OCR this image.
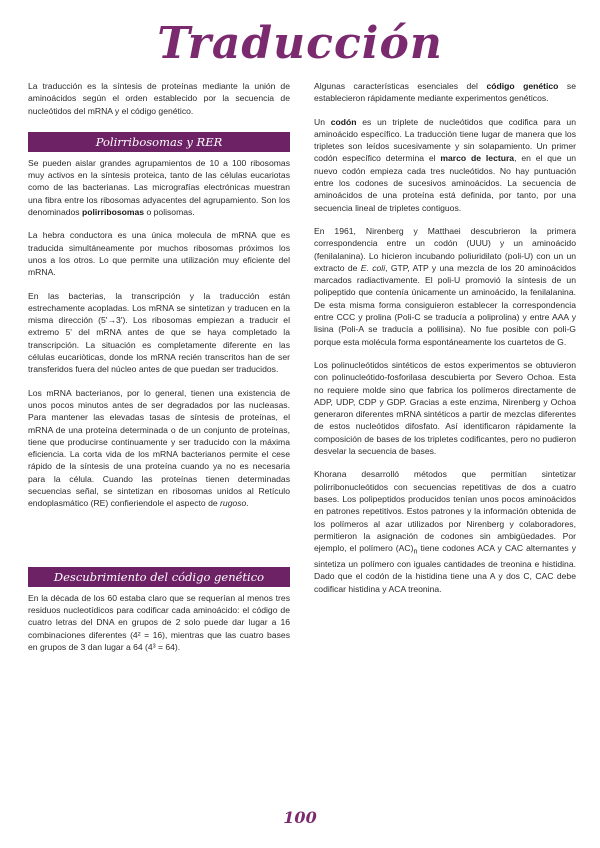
Traducción

La traducción es la síntesis de proteínas mediante la unión de aminoácidos según el orden establecido por la secuencia de nucleótidos del mRNA y el código genético.

Polirribosomas y RER

Se pueden aislar grandes agrupamientos de 10 a 100 ribosomas muy activos en la síntesis proteica, tanto de las células eucariotas como de las bacterianas. Las micrografías electrónicas muestran una fibra entre los ribosomas adyacentes del agrupamiento. Son los denominados polirribosomas o polisomas.

La hebra conductora es una única molecula de mRNA que es traducida simultáneamente por muchos ribosomas próximos los unos a los otros. Lo que permite una utilización muy eficiente del mRNA.

En las bacterias, la transcripción y la traducción están estrechamente acopladas. Los mRNA se sintetizan y traducen en la misma dirección (5'→3'). Los ribosomas empiezan a traducir el extremo 5' del mRNA antes de que se haya completado la transcripción. La situación es completamente diferente en las células eucariòticas, donde los mRNA recién transcritos han de ser transferidos fuera del núcleo antes de que puedan ser traducidos.

Los mRNA bacterianos, por lo general, tienen una existencia de unos pocos minutos antes de ser degradados por las nucleasas. Para mantener las elevadas tasas de síntesis de proteínas, el mRNA de una proteína determinada o de un conjunto de proteínas, tiene que producirse continuamente y ser traducido con la máxima eficiencia. La corta vida de los mRNA bacterianos permite el cese rápido de la síntesis de una proteína cuando ya no es necesaria para la célula. Cuando las proteínas tienen determinadas secuencias señal, se sintetizan en ribosomas unidos al Retículo endoplasmático (RE) confieriendole el aspecto de rugoso.

Descubrimiento del código genético

En la década de los 60 estaba claro que se requerían al menos tres residuos nucleotídicos para codificar cada aminoácido: el código de cuatro letras del DNA en grupos de 2 solo puede dar lugar a 16 combinaciones diferentes (4² = 16), mientras que las cuatro bases en grupos de 3 dan lugar a 64 (4³ = 64).

Algunas características esenciales del código genético se establecieron rápidamente mediante experimentos genéticos.

Un codón es un triplete de nucleótidos que codifica para un aminoácido específico. La traducción tiene lugar de manera que los tripletes son leídos sucesivamente y sin solapamiento. Un primer codón específico determina el marco de lectura, en el que un nuevo codón empieza cada tres nucleótidos. No hay puntuación entre los codones de sucesivos aminoácidos. La secuencia de aminoácidos de una proteína está definida, por tanto, por una secuencia lineal de tripletes contiguos.

En 1961, Nirenberg y Matthaei descubrieron la primera correspondencia entre un codón (UUU) y un aminoácido (fenilalanina). Lo hicieron incubando poliuridilato (poli-U) con un un extracto de E. coli, GTP, ATP y una mezcla de los 20 aminoácidos marcados radiactivamente. El poli-U promovió la síntesis de un polipeptido que contenía únicamente un aminoácido, la fenilalanina. De esta misma forma consiguieron establecer la correspondencia entre CCC y prolina (Poli-C se traducía a poliprolina) y entre AAA y lisina (Poli-A se traducía a polilisina). No fue posible con poli-G porque esta molécula forma espontáneamente los cuartetos de G.

Los polinucleótidos sintéticos de estos experimentos se obtuvieron con polinucleótido-fosforilasa descubierta por Severo Ochoa. Esta no requiere molde sino que fabrica los polímeros directamente de ADP, UDP, CDP y GDP. Gracias a este enzima, Nirenberg y Ochoa generaron diferentes mRNA sintéticos a partir de mezclas diferentes de estos nucleótidos difosfato. Así identificaron rápidamente la composición de bases de los tripletes codificantes, pero no pudieron desvelar la secuencia de bases.

Khorana desarrolló métodos que permitían sintetizar polirribonucleótidos con secuencias repetitivas de dos a cuatro bases. Los polipeptidos producidos tenían unos pocos aminoácidos en patrones repetitivos. Estos patrones y la información obtenida de los polímeros al azar utilizados por Nirenberg y colaboradores, permitieron la asignación de codones sin ambigüedades. Por ejemplo, el polímero $(AC)_n$ tiene codones ACA y CAC alternantes y sintetiza un polímero con iguales cantidades de treonina e histidina. Dado que el codón de la histidina tiene una A y dos C, CAC debe codificar histidina y ACA treonina.

100
